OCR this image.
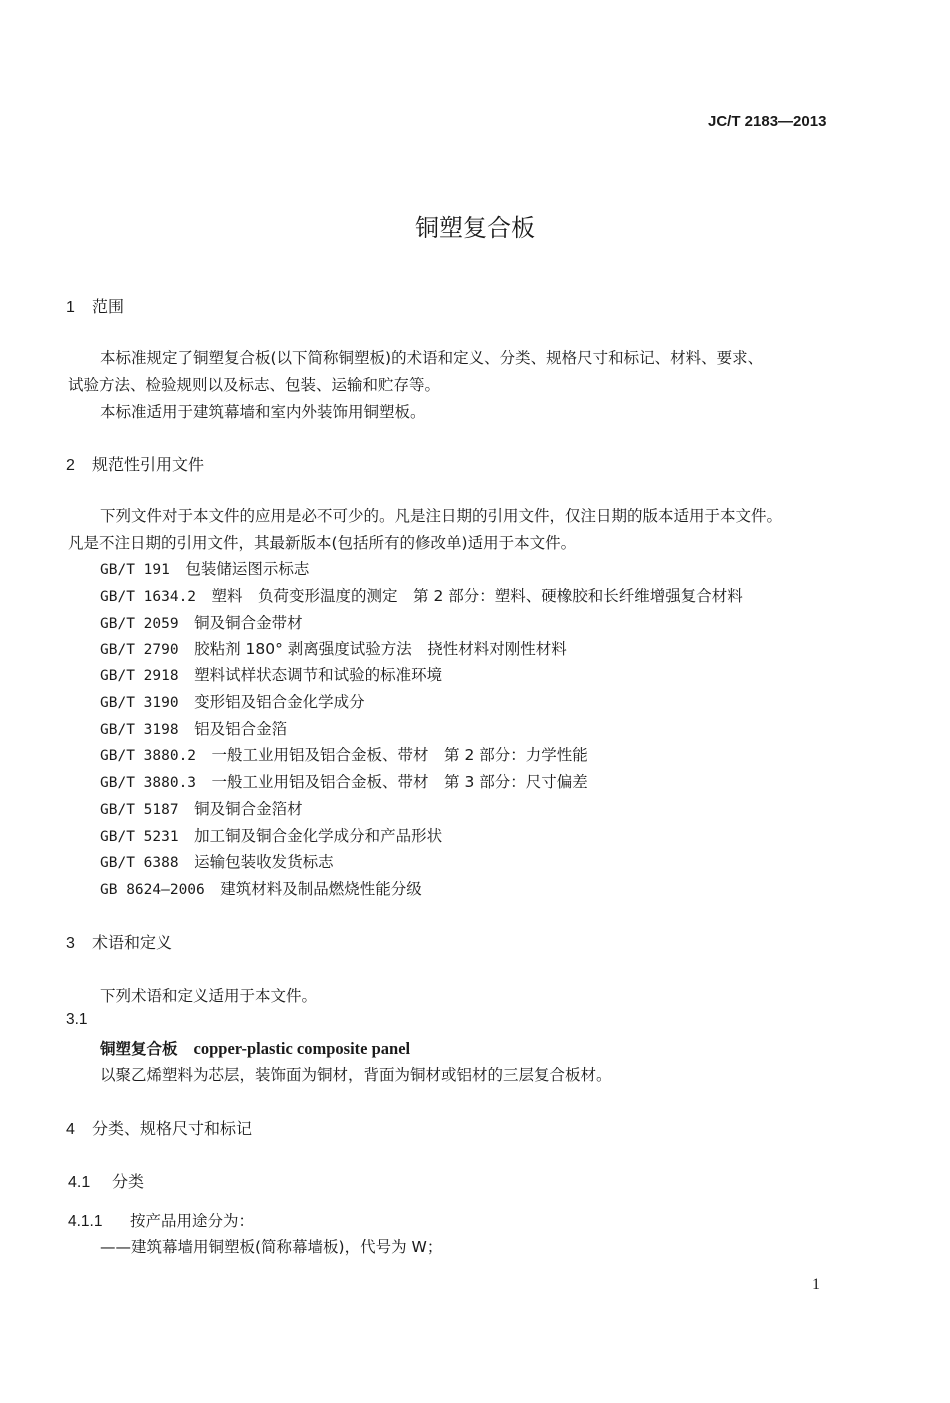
JC/T 2183—2013
铜塑复合板
1 范围
本标准规定了铜塑复合板(以下简称铜塑板)的术语和定义、分类、规格尺寸和标记、材料、要求、
试验方法、检验规则以及标志、包装、运输和贮存等。
本标准适用于建筑幕墙和室内外装饰用铜塑板。
2 规范性引用文件
下列文件对于本文件的应用是必不可少的。凡是注日期的引用文件，仅注日期的版本适用于本文件。
凡是不注日期的引用文件，其最新版本(包括所有的修改单)适用于本文件。
GB/T 191　 包装储运图示标志
GB/T 1634.2　 塑料　负荷变形温度的测定　第 2 部分：塑料、硬橡胶和长纤维增强复合材料
GB/T 2059　 铜及铜合金带材
GB/T 2790　 胶粘剂 180° 剥离强度试验方法　挠性材料对刚性材料
GB/T 2918　 塑料试样状态调节和试验的标准环境
GB/T 3190　 变形铝及铝合金化学成分
GB/T 3198　 铝及铝合金箔
GB/T 3880.2　 一般工业用铝及铝合金板、带材　第 2 部分：力学性能
GB/T 3880.3　 一般工业用铝及铝合金板、带材　第 3 部分：尺寸偏差
GB/T 5187　 铜及铜合金箔材
GB/T 5231　 加工铜及铜合金化学成分和产品形状
GB/T 6388　 运输包装收发货标志
GB 8624—2006　 建筑材料及制品燃烧性能分级
3 术语和定义
下列术语和定义适用于本文件。
3.1
铜塑复合板 copper-plastic composite panel
以聚乙烯塑料为芯层，装饰面为铜材，背面为铜材或铝材的三层复合板材。
4 分类、规格尺寸和标记
4.1 分类
4.1.1 按产品用途分为：
——建筑幕墙用铜塑板(简称幕墙板)，代号为 W；
1
